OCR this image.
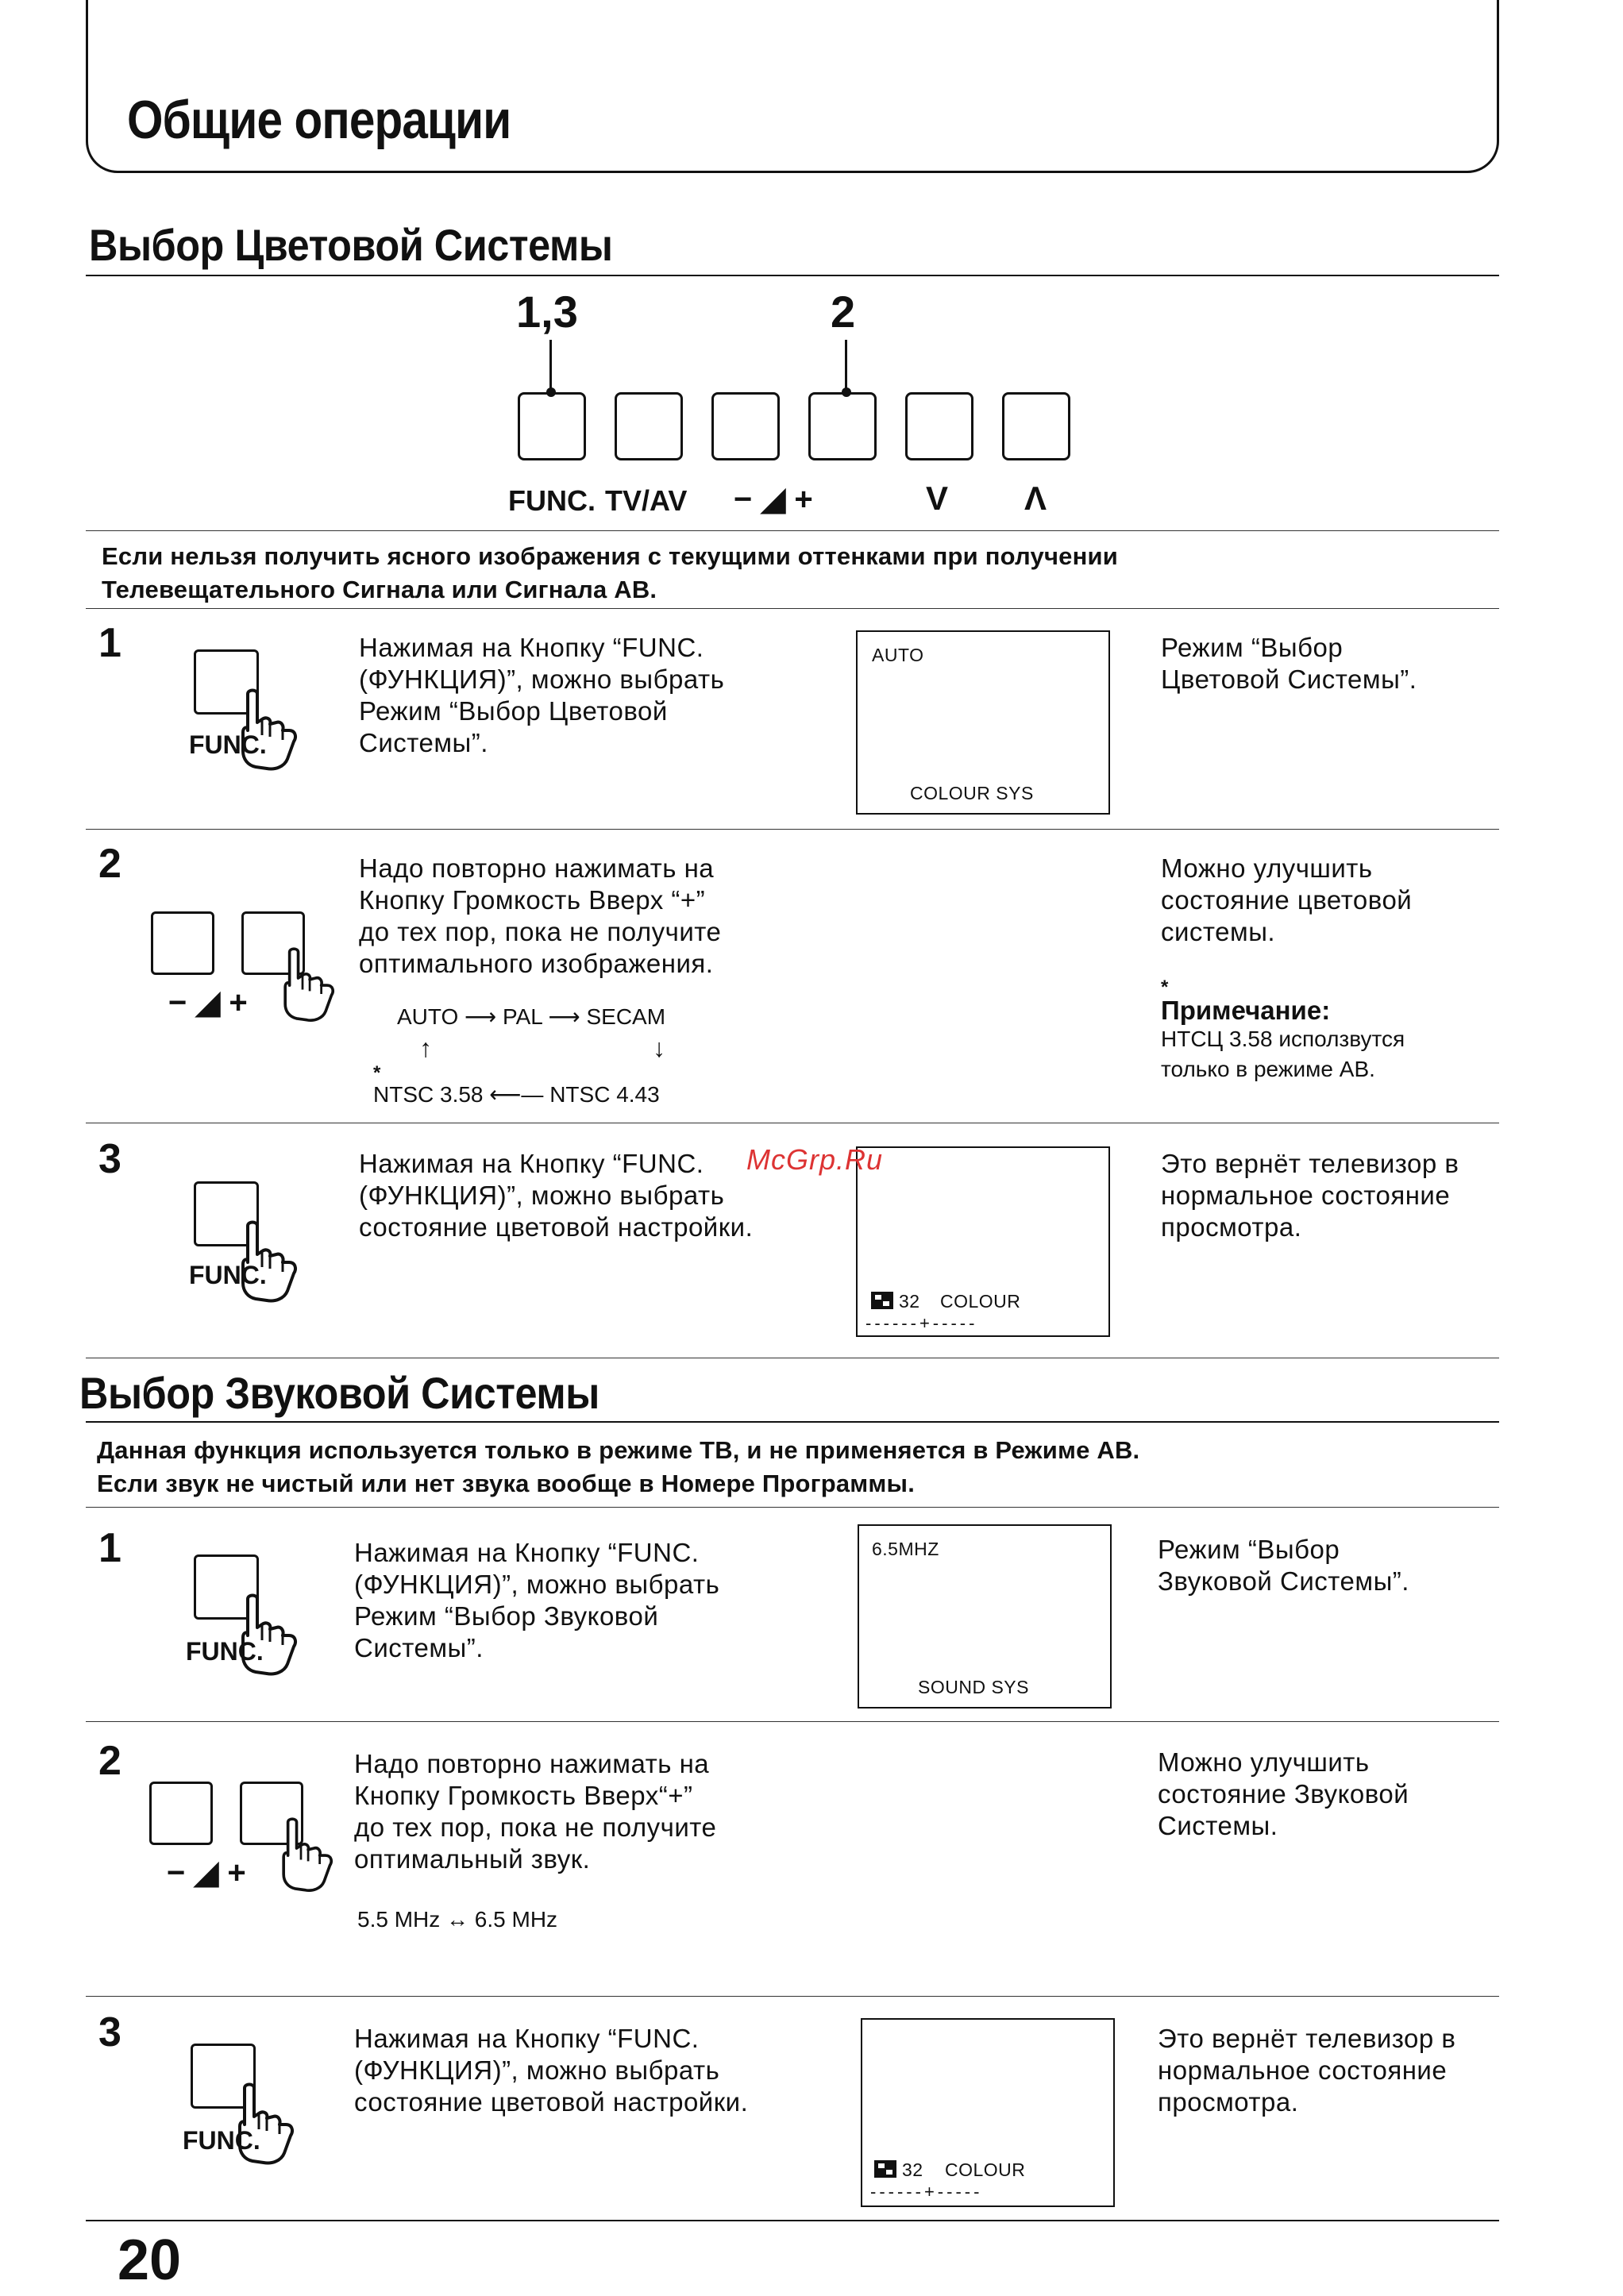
Общие операции
Выбор Цветовой Системы
1,3	2
FUNC. TV/AV − ◢ +	V Λ
Если нельзя получить ясного изображения с текущими оттенками при получении
Телевещательного Сигнала или Сигнала АВ.
1
FUNC.
Нажимая на Кнопку “FUNC.
(ФУНКЦИЯ)”, можно выбрать
Режим “Выбор Цветовой
Системы”.
AUTO
COLOUR SYS
Режим “Выбор
Цветовой Системы”.
2
− ◢ +
Надо повторно нажимать на
Кнопку Громкость Вверх “+”
до тех пор, пока не получите
оптимального изображения.
AUTO ⟶ PAL ⟶ SECAM
↑	↓
*
NTSC 3.58 ⟵— NTSC 4.43
Можно улучшить
состояние цветовой
системы.
*
Примечание:
НТСЦ 3.58 исползвутся
только в режиме АВ.
3
FUNC.
Нажимая на Кнопку “FUNC.
(ФУНКЦИЯ)”, можно выбрать
состояние цветовой настройки.
32 COLOUR
------+-----
McGrp.Ru	Это вернёт телевизор в
нормальное состояние
просмотра.
Выбор Звуковой Системы
Данная функция используется только в режиме ТВ, и не применяется в Режиме АВ.
Если звук не чистый или нет звука вообще в Номере Программы.
1
FUNC.
Нажимая на Кнопку “FUNC.
(ФУНКЦИЯ)”, можно выбрать
Режим “Выбор Звуковой
Системы”.
6.5MHZ
SOUND SYS
Режим “Выбор
Звуковой Системы”.
2
− ◢ +
Надо повторно нажимать на
Кнопку Громкость Вверх“+”
до тех пор, пока не получите
оптимальный звук.
5.5 MHz ↔ 6.5 MHz
Можно улучшить
состояние Звуковой
Системы.
3
FUNC.
Нажимая на Кнопку “FUNC.
(ФУНКЦИЯ)”, можно выбрать
состояние цветовой настройки.
32 COLOUR
------+-----
Это вернёт телевизор в
нормальное состояние
просмотра.
20
